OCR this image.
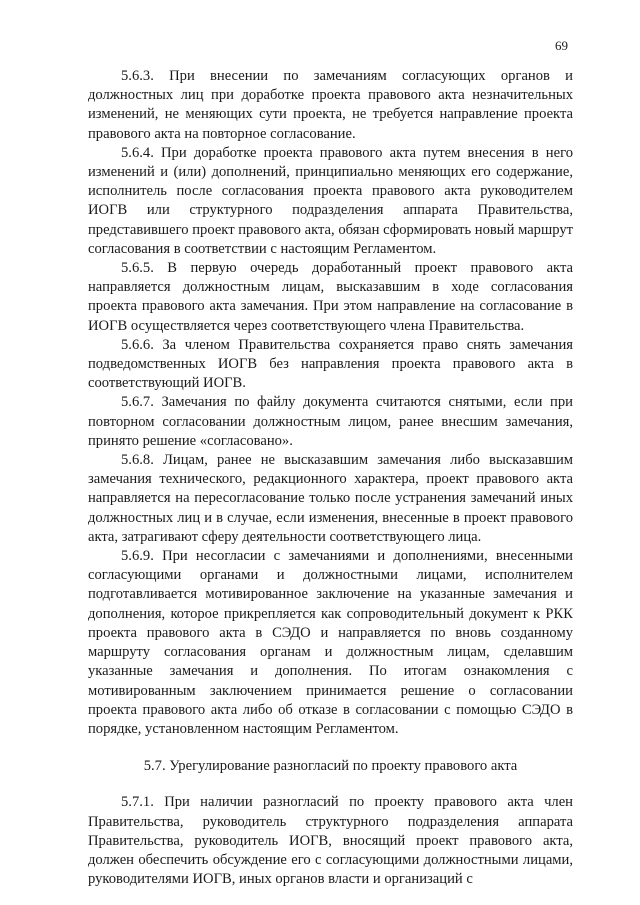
69

5.6.3. При внесении по замечаниям согласующих органов и должностных лиц при доработке проекта правового акта незначительных изменений, не меняющих сути проекта, не требуется направление проекта правового акта на повторное согласование.

5.6.4. При доработке проекта правового акта путем внесения в него изменений и (или) дополнений, принципиально меняющих его содержание, исполнитель после согласования проекта правового акта руководителем ИОГВ или структурного подразделения аппарата Правительства, представившего проект правового акта, обязан сформировать новый маршрут согласования в соответствии с настоящим Регламентом.

5.6.5. В первую очередь доработанный проект правового акта направляется должностным лицам, высказавшим в ходе согласования проекта правового акта замечания. При этом направление на согласование в ИОГВ осуществляется через соответствующего члена Правительства.

5.6.6. За членом Правительства сохраняется право снять замечания подведомственных ИОГВ без направления проекта правового акта в соответствующий ИОГВ.

5.6.7. Замечания по файлу документа считаются снятыми, если при повторном согласовании должностным лицом, ранее внесшим замечания, принято решение «согласовано».

5.6.8. Лицам, ранее не высказавшим замечания либо высказавшим замечания технического, редакционного характера, проект правового акта направляется на пересогласование только после устранения замечаний иных должностных лиц и в случае, если изменения, внесенные в проект правового акта, затрагивают сферу деятельности соответствующего лица.

5.6.9. При несогласии с замечаниями и дополнениями, внесенными согласующими органами и должностными лицами, исполнителем подготавливается мотивированное заключение на указанные замечания и дополнения, которое прикрепляется как сопроводительный документ к РКК проекта правового акта в СЭДО и направляется по вновь созданному маршруту согласования органам и должностным лицам, сделавшим указанные замечания и дополнения. По итогам ознакомления с мотивированным заключением принимается решение о согласовании проекта правового акта либо об отказе в согласовании с помощью СЭДО в порядке, установленном настоящим Регламентом.

5.7. Урегулирование разногласий по проекту правового акта

5.7.1. При наличии разногласий по проекту правового акта член Правительства, руководитель структурного подразделения аппарата Правительства, руководитель ИОГВ, вносящий проект правового акта, должен обеспечить обсуждение его с согласующими должностными лицами, руководителями ИОГВ, иных органов власти и организаций с
